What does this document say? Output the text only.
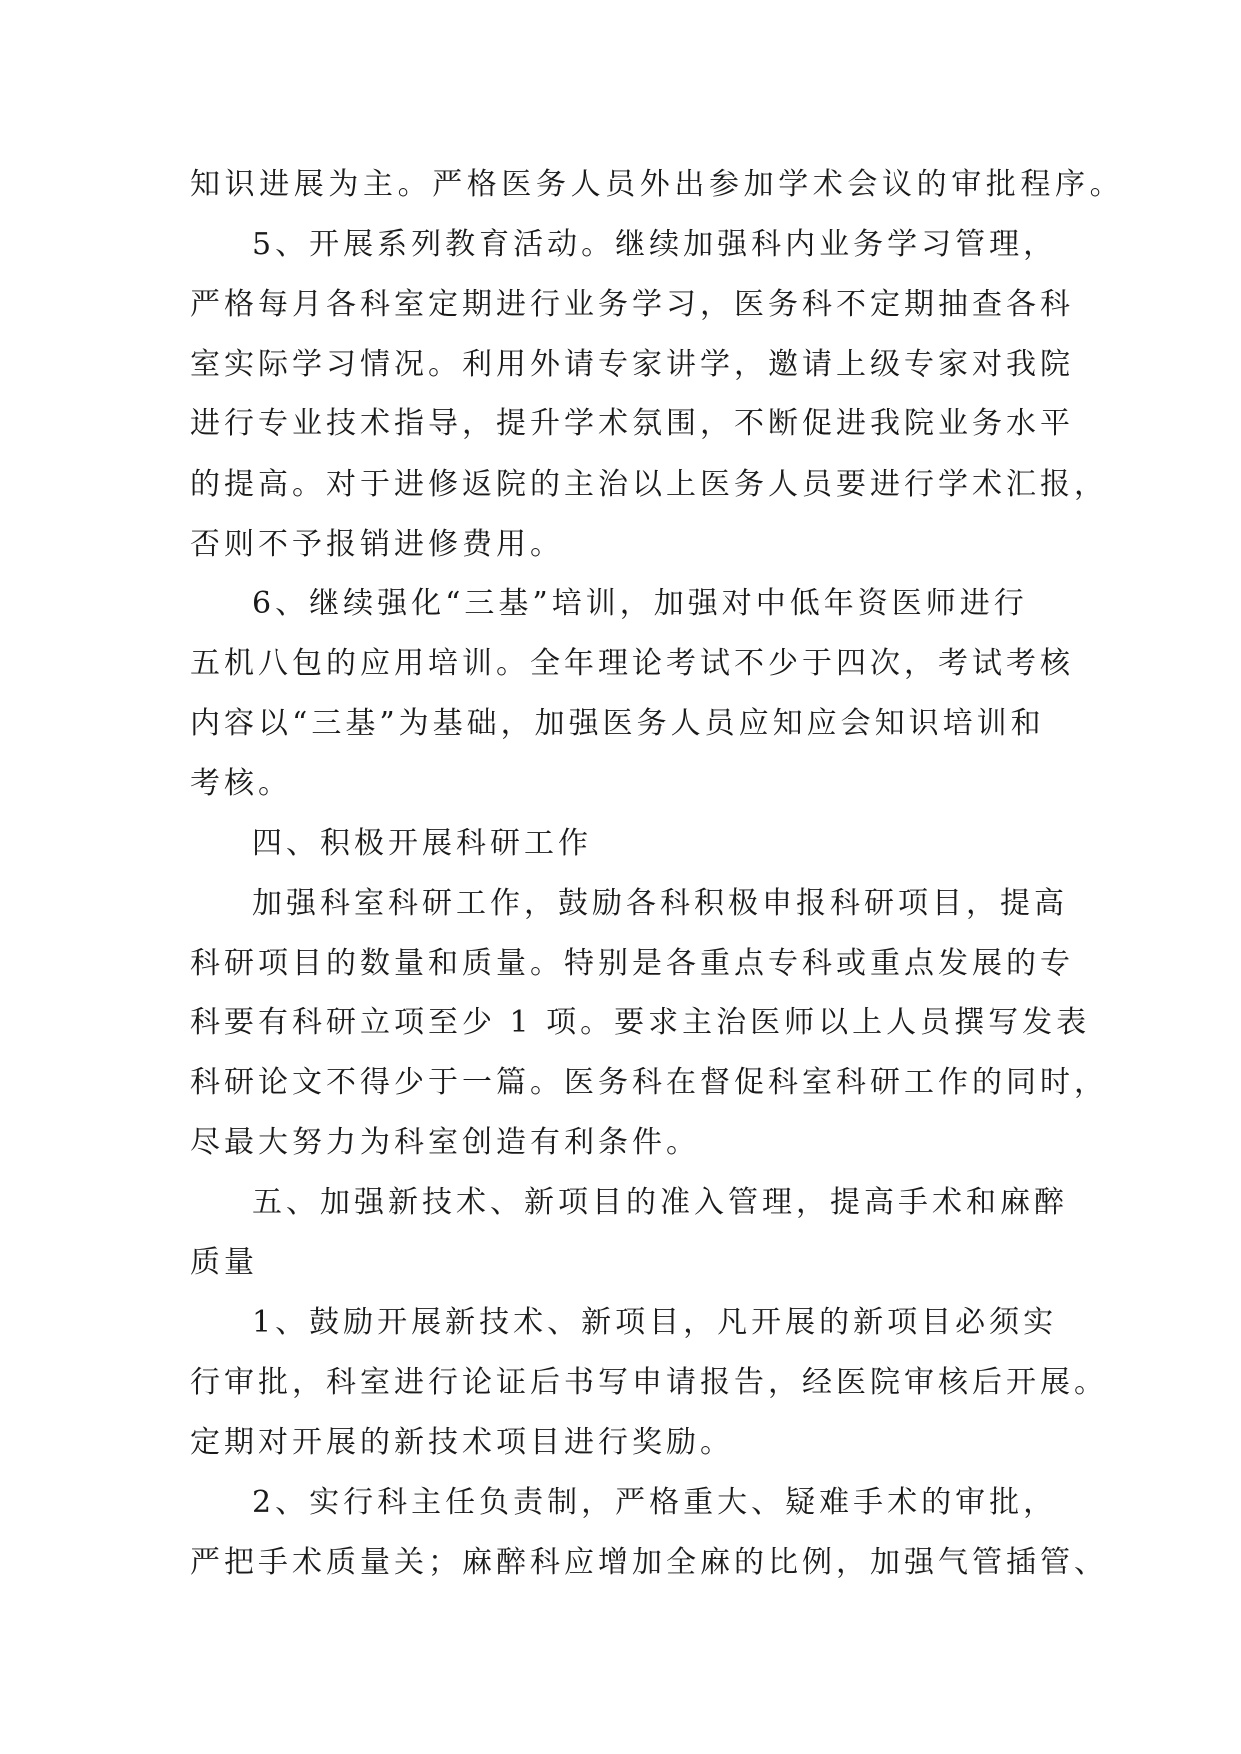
知识进展为主。严格医务人员外出参加学术会议的审批程序。
5、开展系列教育活动。继续加强科内业务学习管理，
严格每月各科室定期进行业务学习，医务科不定期抽查各科
室实际学习情况。利用外请专家讲学，邀请上级专家对我院
进行专业技术指导，提升学术氛围，不断促进我院业务水平
的提高。对于进修返院的主治以上医务人员要进行学术汇报，
否则不予报销进修费用。
6、继续强化“三基”培训，加强对中低年资医师进行
五机八包的应用培训。全年理论考试不少于四次，考试考核
内容以“三基”为基础，加强医务人员应知应会知识培训和
考核。
四、积极开展科研工作
加强科室科研工作，鼓励各科积极申报科研项目，提高
科研项目的数量和质量。特别是各重点专科或重点发展的专
科要有科研立项至少 1 项。要求主治医师以上人员撰写发表
科研论文不得少于一篇。医务科在督促科室科研工作的同时，
尽最大努力为科室创造有利条件。
五、加强新技术、新项目的准入管理，提高手术和麻醉
质量
1、鼓励开展新技术、新项目，凡开展的新项目必须实
行审批，科室进行论证后书写申请报告，经医院审核后开展。
定期对开展的新技术项目进行奖励。
2、实行科主任负责制，严格重大、疑难手术的审批，
严把手术质量关；麻醉科应增加全麻的比例，加强气管插管、
